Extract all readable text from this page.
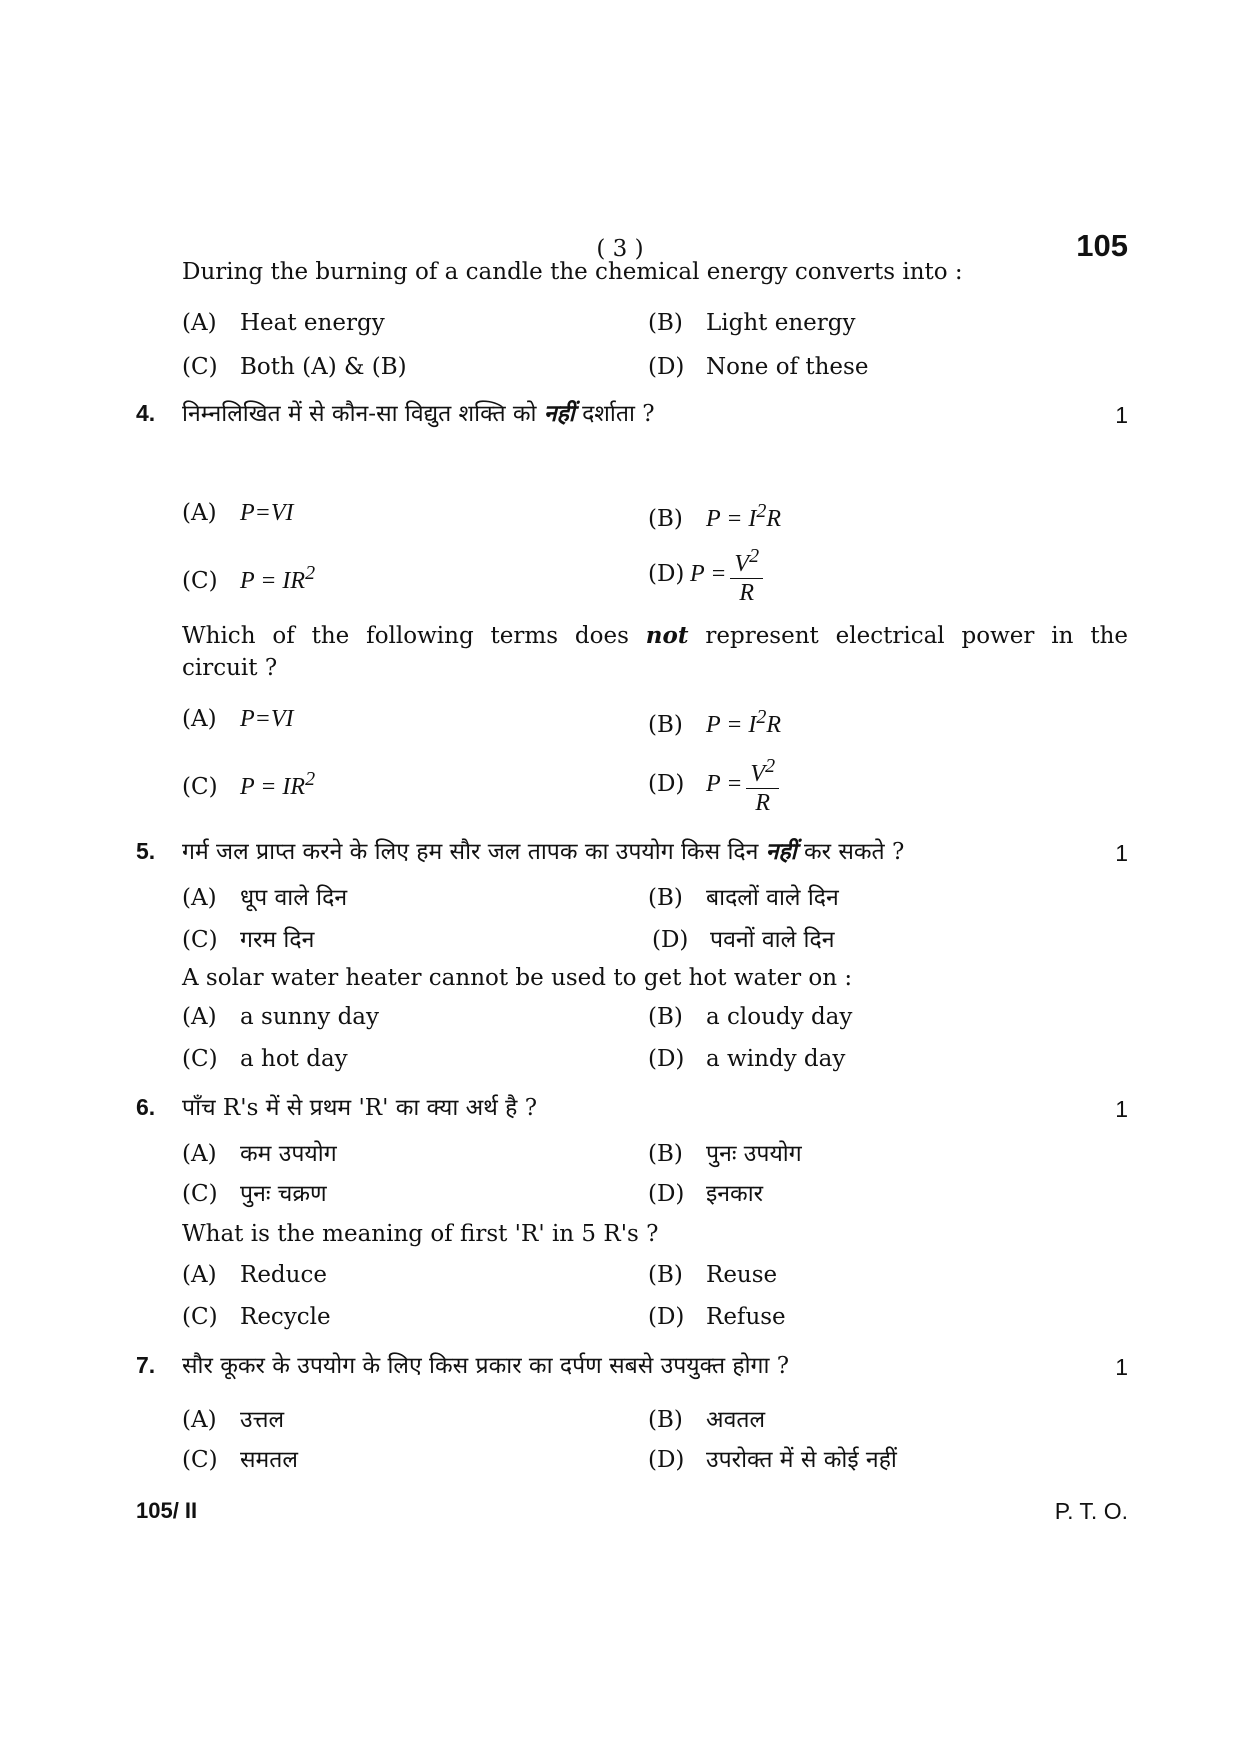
( 3 )	105
During the burning of a candle the chemical energy converts into :
(A) Heat energy	(B) Light energy
(C) Both (A) & (B)	(D) None of these
4. निम्नलिखित में से कौन-सा विद्युत शक्ति को नहीं दर्शाता ?	1
(A) P=VI	(B) $P = I^2R$
(C) $P = IR^2$	(D) $P = \frac{V^2}{R}$
Which of the following terms does not represent electrical power in the
circuit ?
(A) P=VI	(B) $P = I^2R$
(C) $P = IR^2$	(D) $P = \frac{V^2}{R}$
5. गर्म जल प्राप्त करने के लिए हम सौर जल तापक का उपयोग किस दिन नहीं कर सकते ?	1
(A) धूप वाले दिन	(B) बादलों वाले दिन
(C) गरम दिन	(D) पवनों वाले दिन
A solar water heater cannot be used to get hot water on :
(A) a sunny day	(B) a cloudy day
(C) a hot day	(D) a windy day
6. पाँच R's में से प्रथम 'R' का क्या अर्थ है ?	1
(A) कम उपयोग	(B) पुनः उपयोग
(C) पुनः चक्रण	(D) इनकार
What is the meaning of first 'R' in 5 R's ?
(A) Reduce	(B) Reuse
(C) Recycle	(D) Refuse
7. सौर कूकर के उपयोग के लिए किस प्रकार का दर्पण सबसे उपयुक्त होगा ?	1
(A) उत्तल	(B) अवतल
(C) समतल	(D) उपरोक्त में से कोई नहीं
105/ II	P. T. O.
